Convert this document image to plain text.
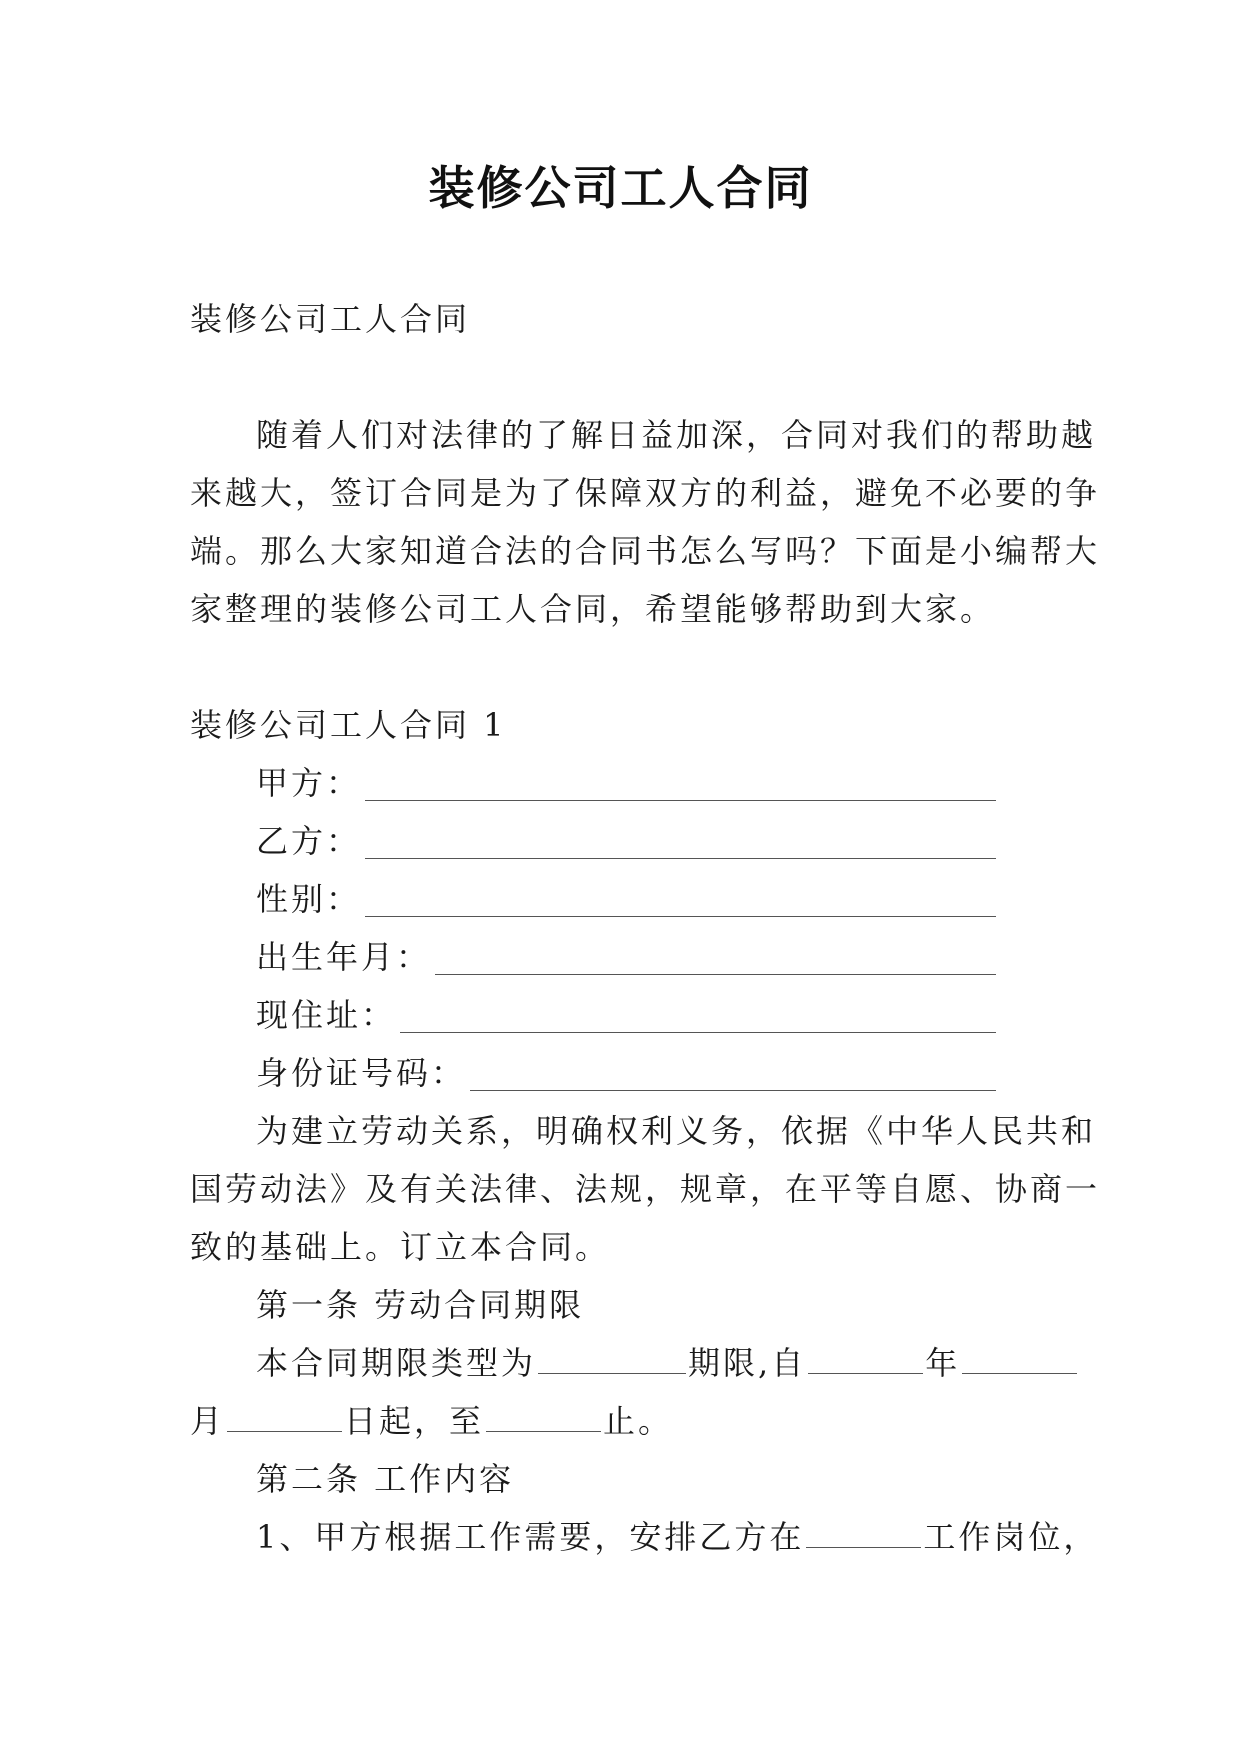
装修公司工人合同

装修公司工人合同

随着人们对法律的了解日益加深，合同对我们的帮助越

来越大，签订合同是为了保障双方的利益，避免不必要的争

端。那么大家知道合法的合同书怎么写吗？下面是小编帮大

家整理的装修公司工人合同，希望能够帮助到大家。

装修公司工人合同 1

甲方：
乙方：
性别：
出生年月：
现住址：
身份证号码：

为建立劳动关系，明确权利义务，依据《中华人民共和

国劳动法》及有关法律、法规，规章，在平等自愿、协商一

致的基础上。订立本合同。

第一条 劳动合同期限

本合同期限类型为	期限,自	年

月	日起，至	止。

第二条 工作内容

1、甲方根据工作需要，安排乙方在	工作岗位，
